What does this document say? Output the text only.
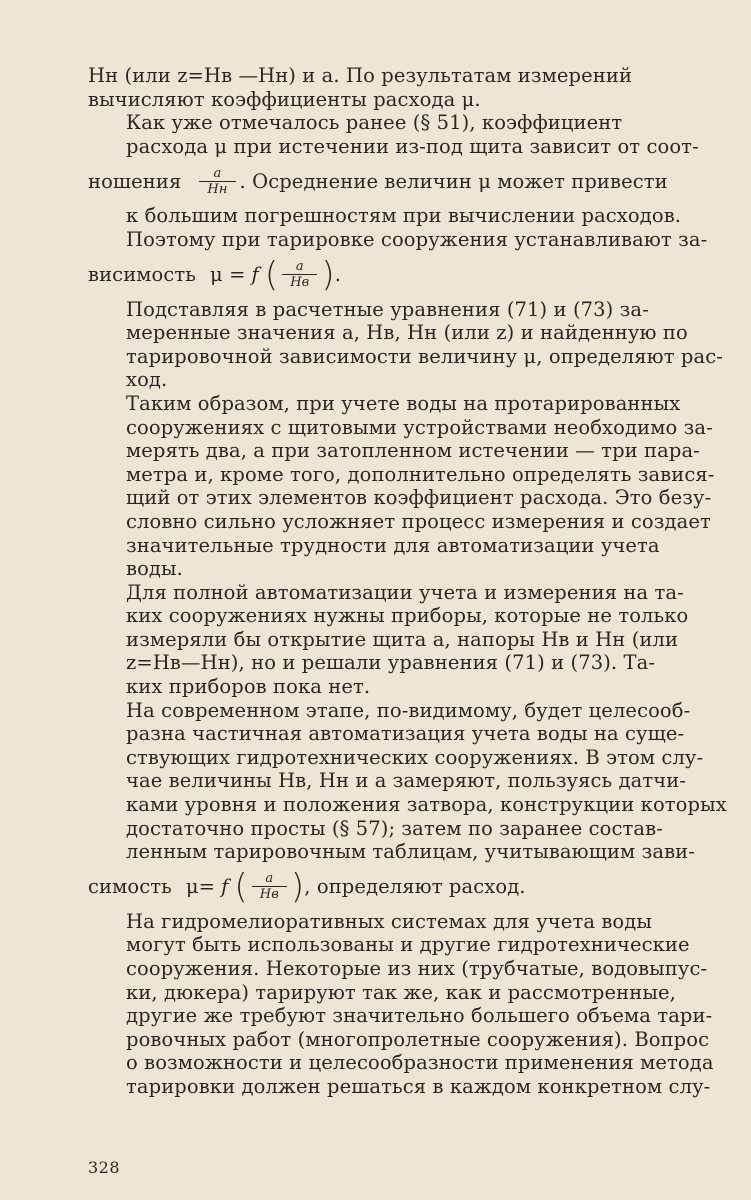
Hн (или z=Hв —Hн) и a. По результатам измерений
вычисляют коэффициенты расхода μ.

Как уже отмечалось ранее (§ 51), коэффициент
расхода μ при истечении из-под щита зависит от соот-
ношения $\frac{a}{Hн}$ . Осреднение величин μ может привести
к большим погрешностям при вычислении расходов.
Поэтому при тарировке сооружения устанавливают за-
висимость μ = f ( $\frac{a}{Hв}$ ) .

Подставляя в расчетные уравнения (71) и (73) за-
меренные значения a, Hв, Hн (или z) и найденную по
тарировочной зависимости величину μ, определяют рас-
ход.

Таким образом, при учете воды на протарированных
сооружениях с щитовыми устройствами необходимо за-
мерять два, а при затопленном истечении — три пара-
метра и, кроме того, дополнительно определять завися-
щий от этих элементов коэффициент расхода. Это безу-
словно сильно усложняет процесс измерения и создает
значительные трудности для автоматизации учета
воды.

Для полной автоматизации учета и измерения на та-
ких сооружениях нужны приборы, которые не только
измеряли бы открытие щита a, напоры Hв и Hн (или
z=Hв—Hн), но и решали уравнения (71) и (73). Та-
ких приборов пока нет.

На современном этапе, по-видимому, будет целесооб-
разна частичная автоматизация учета воды на суще-
ствующих гидротехнических сооружениях. В этом слу-
чае величины Hв, Hн и a замеряют, пользуясь датчи-
ками уровня и положения затвора, конструкции которых
достаточно просты (§ 57); затем по заранее состав-
ленным тарировочным таблицам, учитывающим зави-
симость μ= f ( $\frac{a}{Hв}$ ) , определяют расход.

На гидромелиоративных системах для учета воды
могут быть использованы и другие гидротехнические
сооружения. Некоторые из них (трубчатые, водовыпус-
ки, дюкера) тарируют так же, как и рассмотренные,
другие же требуют значительно большего объема тари-
ровочных работ (многопролетные сооружения). Вопрос
о возможности и целесообразности применения метода
тарировки должен решаться в каждом конкретном слу-

328
